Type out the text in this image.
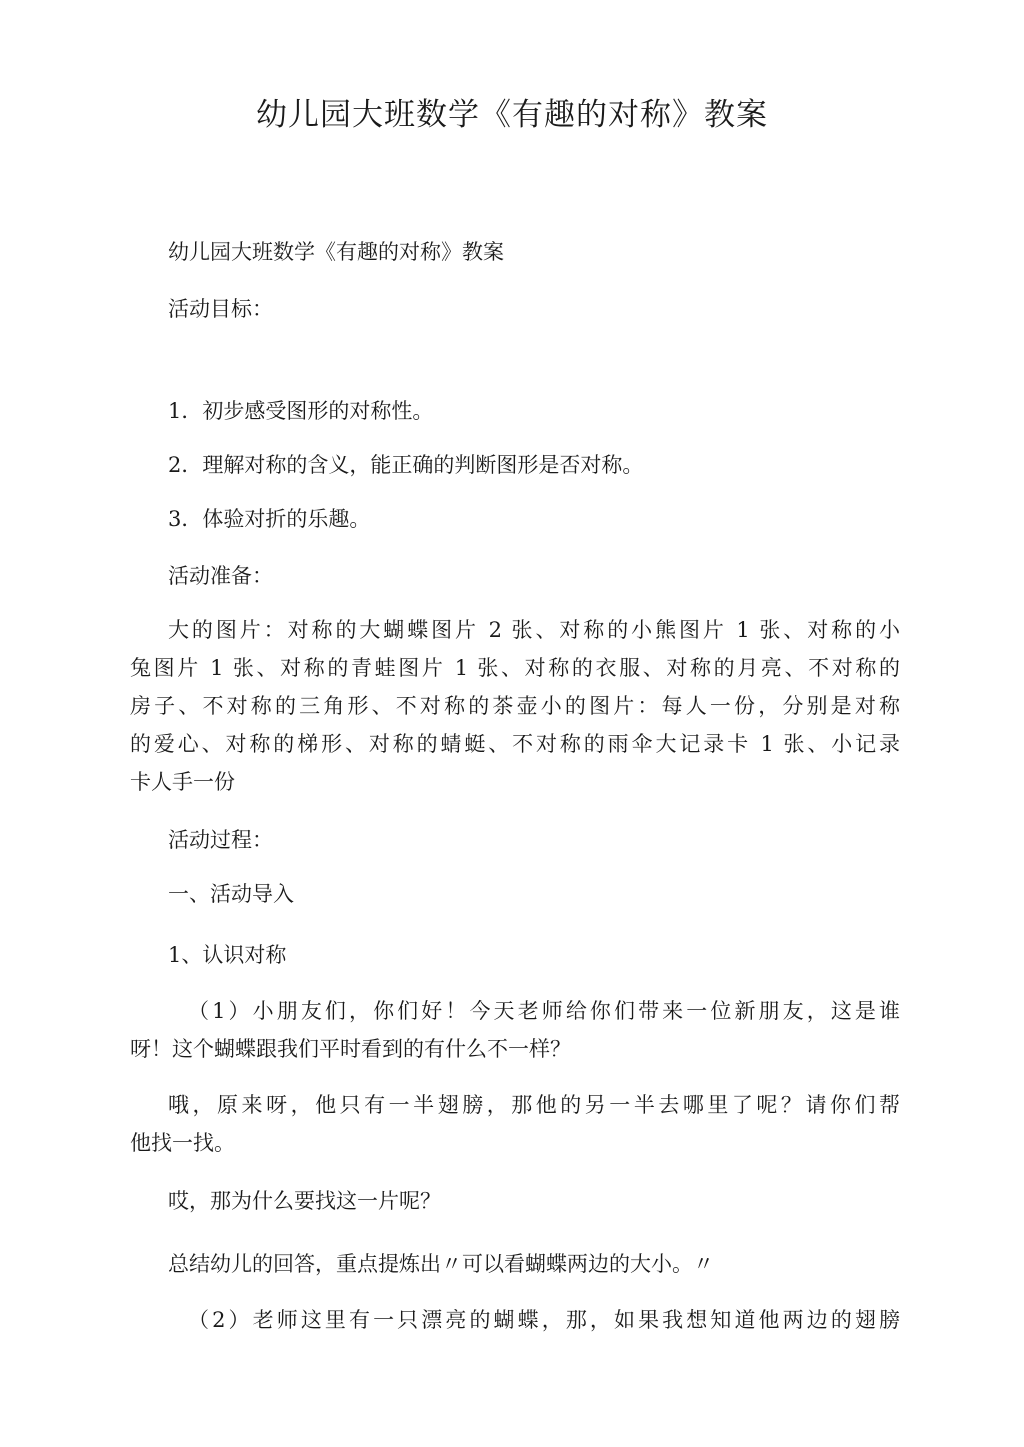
幼儿园大班数学《有趣的对称》教案
幼儿园大班数学《有趣的对称》教案
活动目标：
1．初步感受图形的对称性。
2．理解对称的含义，能正确的判断图形是否对称。
3．体验对折的乐趣。
活动准备：
大的图片：对称的大蝴蝶图片 2 张、对称的小熊图片 1 张、对称的小
兔图片 1 张、对称的青蛙图片 1 张、对称的衣服、对称的月亮、不对称的
房子、不对称的三角形、不对称的茶壶小的图片：每人一份，分别是对称
的爱心、对称的梯形、对称的蜻蜓、不对称的雨伞大记录卡 1 张、小记录
卡人手一份
活动过程：
一、活动导入
1、认识对称
（1）小朋友们，你们好！今天老师给你们带来一位新朋友，这是谁
呀！这个蝴蝶跟我们平时看到的有什么不一样？
哦，原来呀，他只有一半翅膀，那他的另一半去哪里了呢？请你们帮
他找一找。
哎，那为什么要找这一片呢？
总结幼儿的回答，重点提炼出〃可以看蝴蝶两边的大小。〃
（2）老师这里有一只漂亮的蝴蝶，那，如果我想知道他两边的翅膀
